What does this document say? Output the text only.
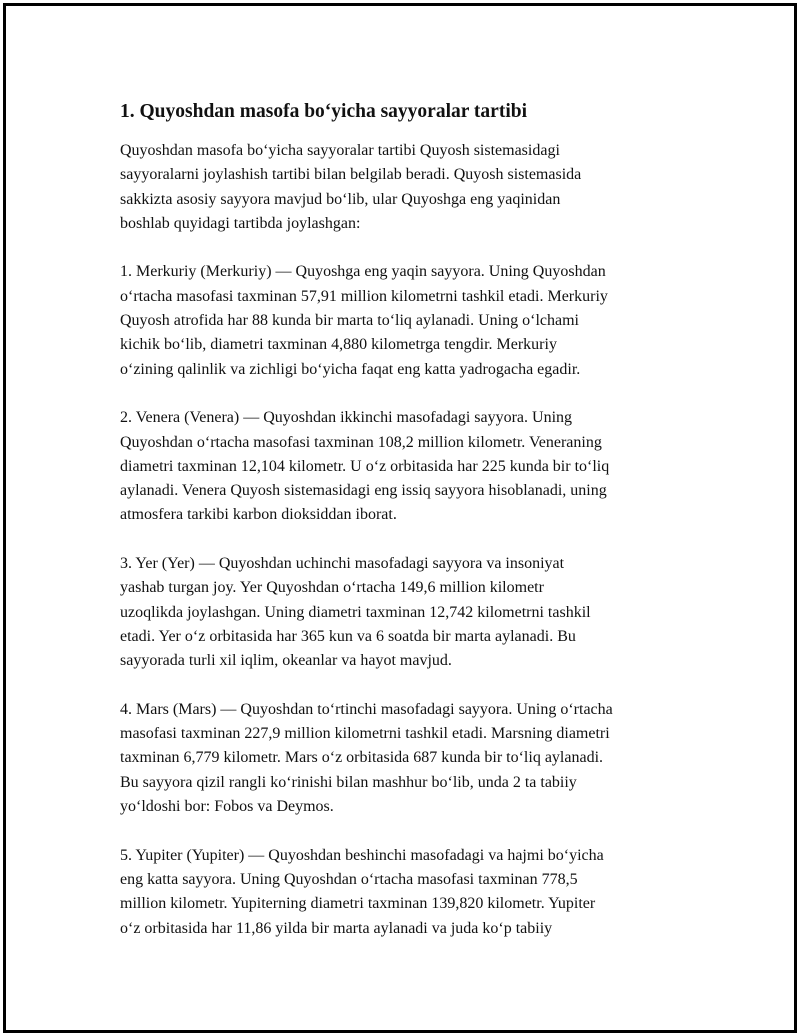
1. Quyoshdan masofa bo‘yicha sayyoralar tartibi

Quyoshdan masofa bo‘yicha sayyoralar tartibi Quyosh sistemasidagi
sayyoralarni joylashish tartibi bilan belgilab beradi. Quyosh sistemasida
sakkizta asosiy sayyora mavjud bo‘lib, ular Quyoshga eng yaqinidan
boshlab quyidagi tartibda joylashgan:

1. Merkuriy (Merkuriy) — Quyoshga eng yaqin sayyora. Uning Quyoshdan
o‘rtacha masofasi taxminan 57,91 million kilometrni tashkil etadi. Merkuriy
Quyosh atrofida har 88 kunda bir marta to‘liq aylanadi. Uning o‘lchami
kichik bo‘lib, diametri taxminan 4,880 kilometrga tengdir. Merkuriy
o‘zining qalinlik va zichligi bo‘yicha faqat eng katta yadrogacha egadir.

2. Venera (Venera) — Quyoshdan ikkinchi masofadagi sayyora. Uning
Quyoshdan o‘rtacha masofasi taxminan 108,2 million kilometr. Veneraning
diametri taxminan 12,104 kilometr. U o‘z orbitasida har 225 kunda bir to‘liq
aylanadi. Venera Quyosh sistemasidagi eng issiq sayyora hisoblanadi, uning
atmosfera tarkibi karbon dioksiddan iborat.

3. Yer (Yer) — Quyoshdan uchinchi masofadagi sayyora va insoniyat
yashab turgan joy. Yer Quyoshdan o‘rtacha 149,6 million kilometr
uzoqlikda joylashgan. Uning diametri taxminan 12,742 kilometrni tashkil
etadi. Yer o‘z orbitasida har 365 kun va 6 soatda bir marta aylanadi. Bu
sayyorada turli xil iqlim, okeanlar va hayot mavjud.

4. Mars (Mars) — Quyoshdan to‘rtinchi masofadagi sayyora. Uning o‘rtacha
masofasi taxminan 227,9 million kilometrni tashkil etadi. Marsning diametri
taxminan 6,779 kilometr. Mars o‘z orbitasida 687 kunda bir to‘liq aylanadi.
Bu sayyora qizil rangli ko‘rinishi bilan mashhur bo‘lib, unda 2 ta tabiiy
yo‘ldoshi bor: Fobos va Deymos.

5. Yupiter (Yupiter) — Quyoshdan beshinchi masofadagi va hajmi bo‘yicha
eng katta sayyora. Uning Quyoshdan o‘rtacha masofasi taxminan 778,5
million kilometr. Yupiterning diametri taxminan 139,820 kilometr. Yupiter
o‘z orbitasida har 11,86 yilda bir marta aylanadi va juda ko‘p tabiiy
